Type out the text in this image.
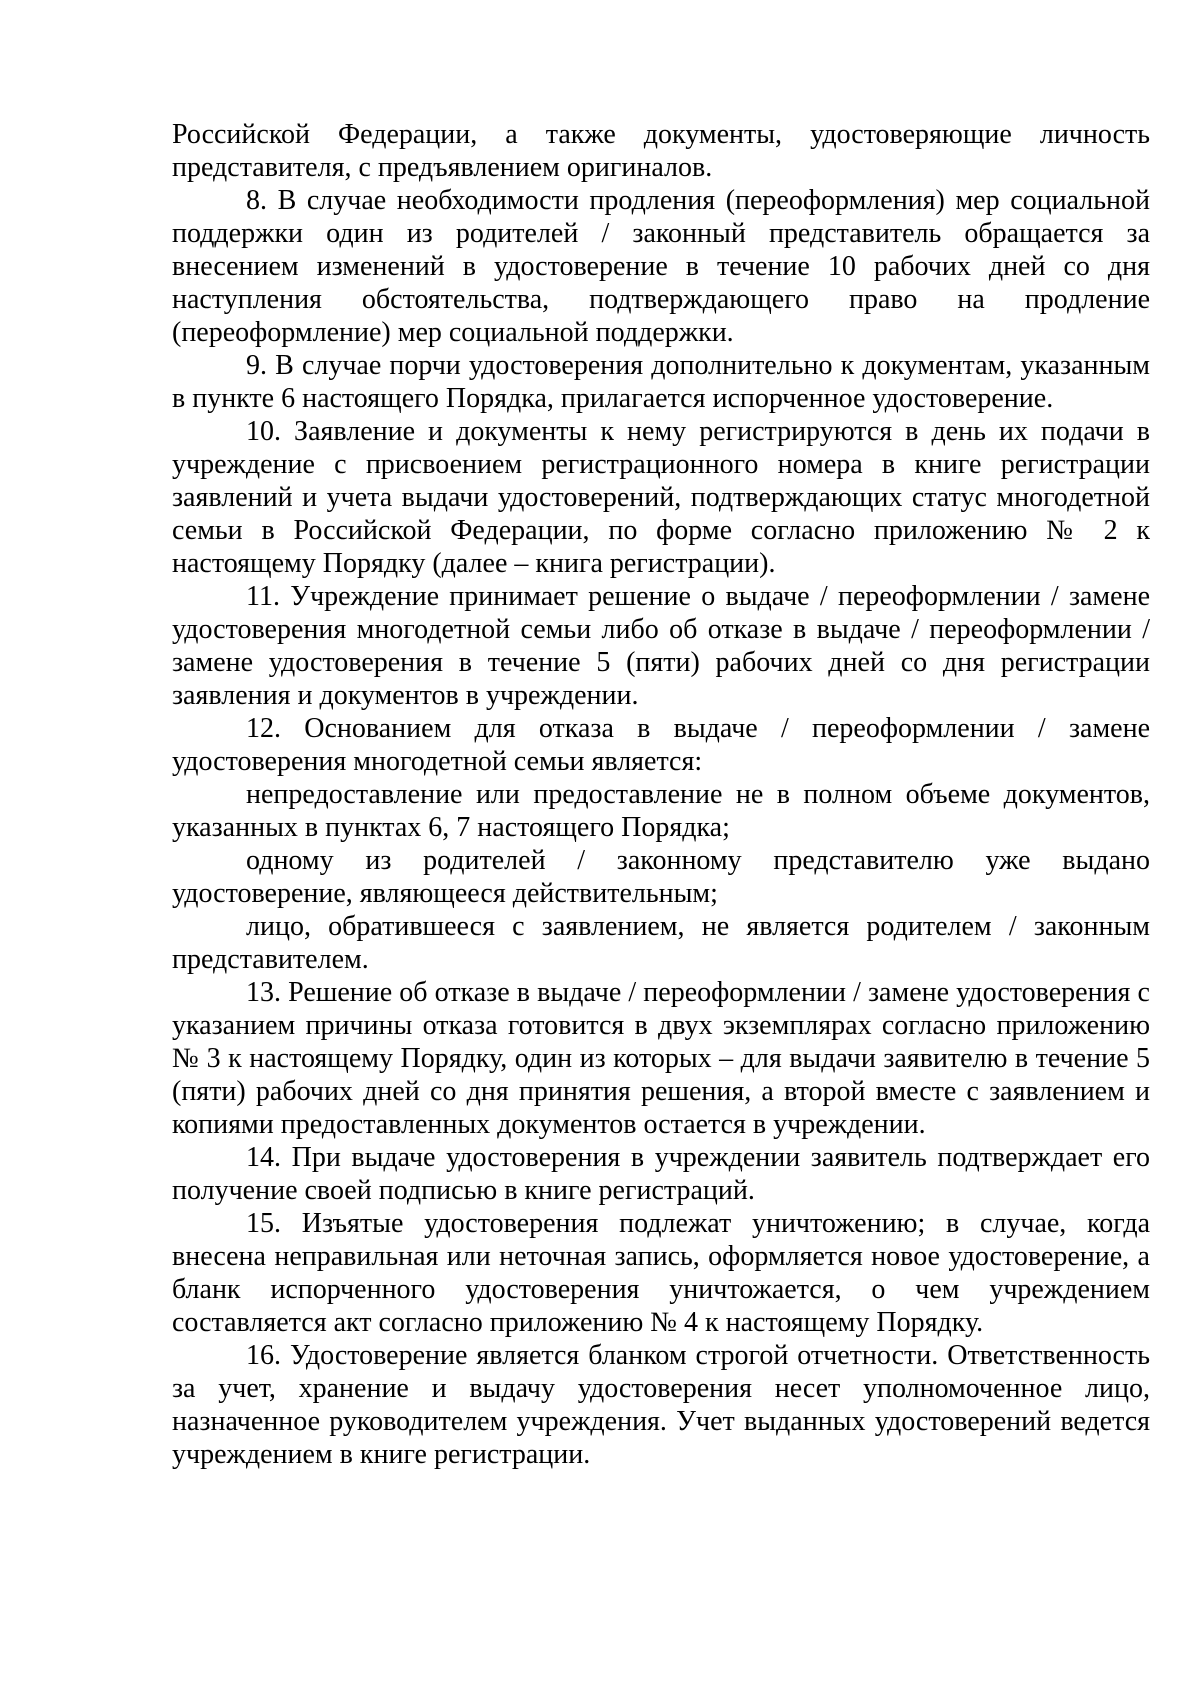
Российской Федерации, а также документы, удостоверяющие личность представителя, с предъявлением оригиналов.

8. В случае необходимости продления (переоформления) мер социальной поддержки один из родителей / законный представитель обращается за внесением изменений в удостоверение в течение 10 рабочих дней со дня наступления обстоятельства, подтверждающего право на продление (переоформление) мер социальной поддержки.

9. В случае порчи удостоверения дополнительно к документам, указанным в пункте 6 настоящего Порядка, прилагается испорченное удостоверение.

10. Заявление и документы к нему регистрируются в день их подачи в учреждение с присвоением регистрационного номера в книге регистрации заявлений и учета выдачи удостоверений, подтверждающих статус многодетной семьи в Российской Федерации, по форме согласно приложению № 2 к настоящему Порядку (далее – книга регистрации).

11. Учреждение принимает решение о выдаче / переоформлении / замене удостоверения многодетной семьи либо об отказе в выдаче / переоформлении / замене удостоверения в течение 5 (пяти) рабочих дней со дня регистрации заявления и документов в учреждении.

12. Основанием для отказа в выдаче / переоформлении / замене удостоверения многодетной семьи является:

непредоставление или предоставление не в полном объеме документов, указанных в пунктах 6, 7 настоящего Порядка;

одному из родителей / законному представителю уже выдано удостоверение, являющееся действительным;

лицо, обратившееся с заявлением, не является родителем / законным представителем.

13. Решение об отказе в выдаче / переоформлении / замене удостоверения с указанием причины отказа готовится в двух экземплярах согласно приложению № 3 к настоящему Порядку, один из которых – для выдачи заявителю в течение 5 (пяти) рабочих дней со дня принятия решения, а второй вместе с заявлением и копиями предоставленных документов остается в учреждении.

14. При выдаче удостоверения в учреждении заявитель подтверждает его получение своей подписью в книге регистраций.

15. Изъятые удостоверения подлежат уничтожению; в случае, когда внесена неправильная или неточная запись, оформляется новое удостоверение, а бланк испорченного удостоверения уничтожается, о чем учреждением составляется акт согласно приложению № 4 к настоящему Порядку.

16. Удостоверение является бланком строгой отчетности. Ответственность за учет, хранение и выдачу удостоверения несет уполномоченное лицо, назначенное руководителем учреждения. Учет выданных удостоверений ведется учреждением в книге регистрации.
